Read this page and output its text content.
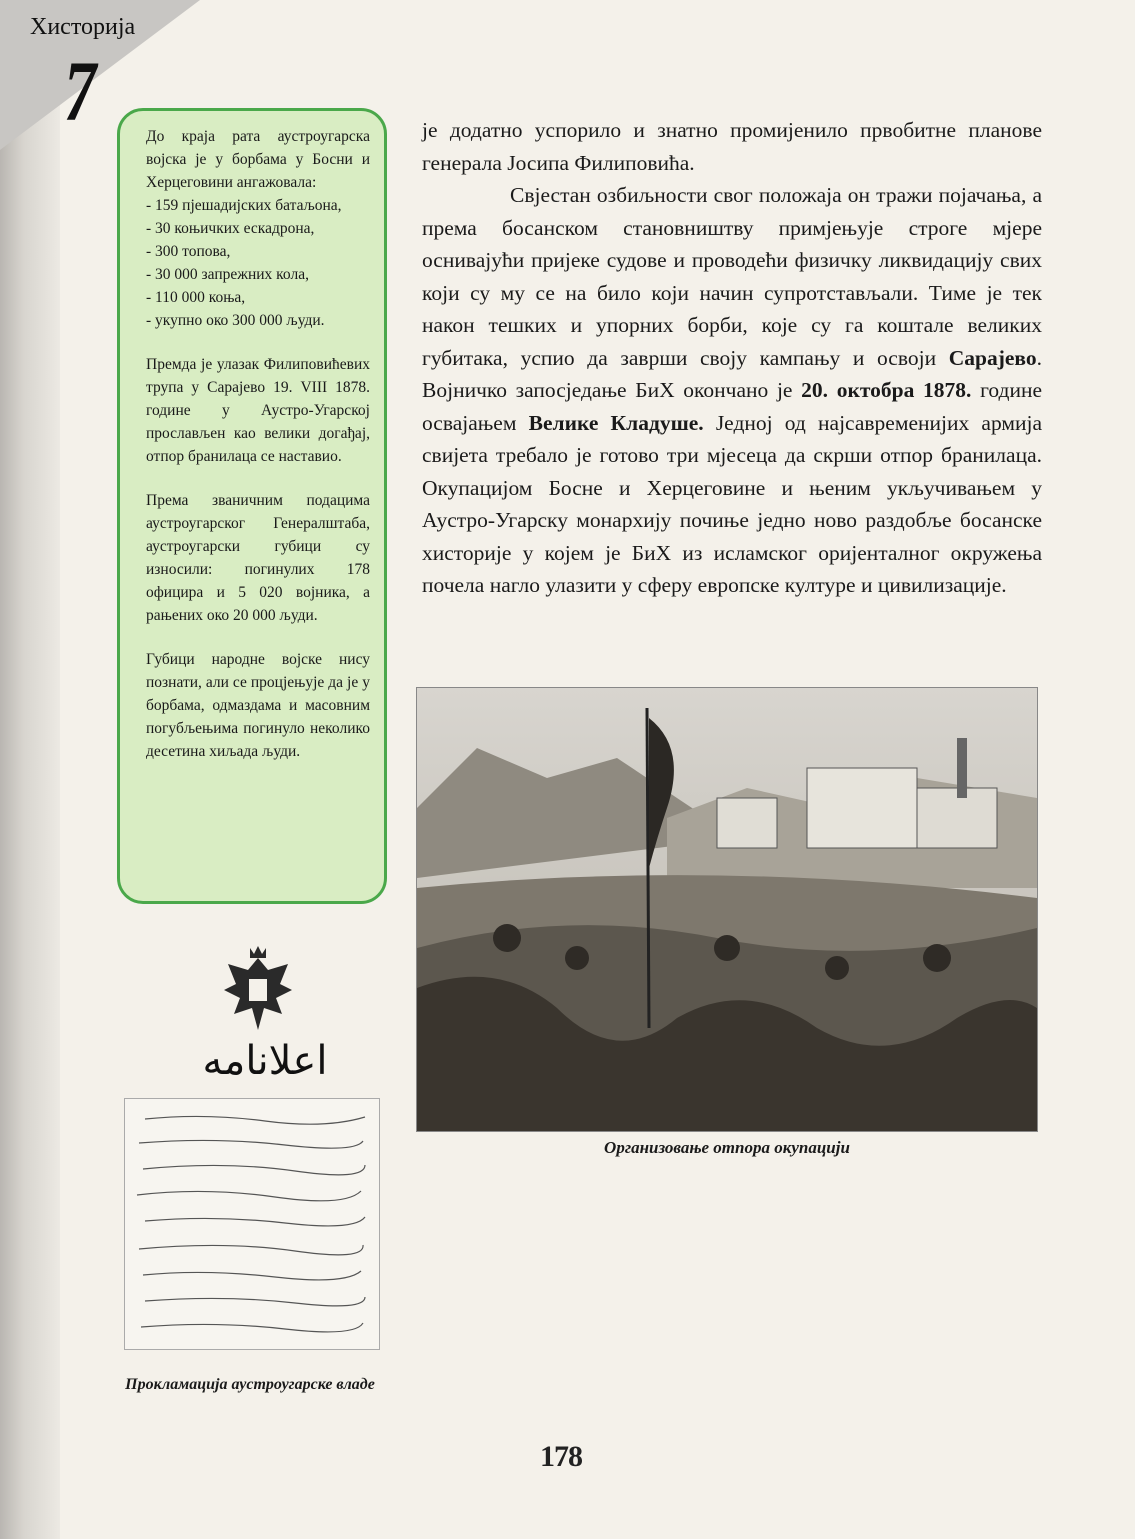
Хисторија
7	До краја рата аустроугарска војска је у борбама у Босни и Херцеговини ангажовала:

- 159 пјешадијских батаљона,
- 30 коњичких ескадрона,
- 300 топова,
- 30 000 запрежних кола,
- 110 000 коња,
- укупно око 300 000 људи.

Премда је улазак Филиповићевих трупа у Сарајево 19. VIII 1878. године у Аустро-Угарској прослављен као велики догађај, отпор бранилаца се наставио.

Према званичним подацима аустроугарског Генералштаба, аустроугарски губици су износили: погинулих 178 официра и 5 020 војника, а рањених око 20 000 људи.

Губици народне војске нису познати, али се процјењује да је у борбама, одмаздама и масовним погубљењима погинуло неколико десетина хиљада људи.

је додатно успорило и знатно промијенило првобитне планове генерала Јосипа Филиповића.

Свјестан озбиљности свог положаја он тражи појачања, а према босанском становништву примјењује строге мјере оснивајући пријеке судове и проводећи физичку ликвидацију свих који су му се на било који начин супротстављали. Тиме је тек након тешких и упорних борби, које су га коштале великих губитака, успио да заврши своју кампању и освоји Сарајево. Војничко запосједање БиХ окончано је 20. октобра 1878. године освајањем Велике Кладуше. Једној од најсавременијих армија свијета требало је готово три мјесеца да скрши отпор бранилаца. Окупацијом Босне и Херцеговине и њеним укључивањем у Аустро-Угарску монархију почиње једно ново раздобље босанске хисторије у којем је БиХ из исламског оријенталног окружења почела нагло улазити у сферу европске културе и цивилизације.

Организовање отпора окупацији
اعلانامه
Прокламација аустроугарске владе
178
